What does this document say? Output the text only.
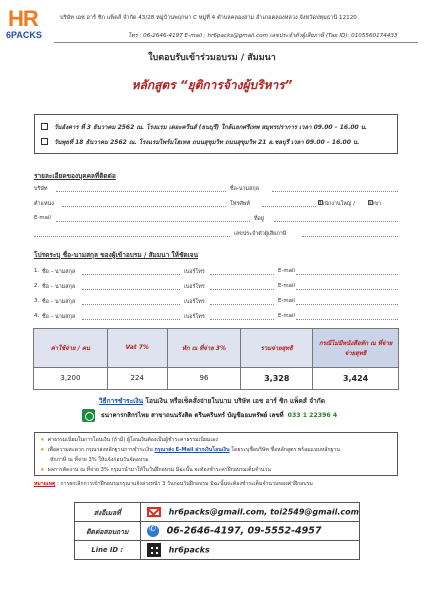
HR
6PACKS
บริษัท เอช อาร์ ซิก แพ็คส์ จำกัด 43/28 หมู่บ้านพฤกษา C หมู่ที่ 4 ตำบลคลองสาม อำเภอคลองหลวง จังหวัดปทุมธานี 12120
โทร : 06-2646-4197 E-mail : hr6packs@gmail.com เลขประจำตัวผู้เสียภาษี (Tax ID): 0105560174433
ใบตอบรับเข้าร่วมอบรม / สัมมนา
หลักสูตร “ยุติการจ้างผู้บริหาร”
วันอังคาร ที่ 3 ธันวาคม 2562 ณ. โรงแรม เดอะควีนส์ (ธนบุรี) ใกล้แยกศรีเทพ สมุทรปราการ เวลา 09.00 – 16.00 น.
วันพุธที่ 18 ธันวาคม 2562 ณ. โรงแรมไพร์มโฮเทล ถนนสุขุมวิท ถนนสุขุมวิท 21 อ.ชลบุรี เวลา 09.00 – 16.00 น.
รายละเอียดของบุคคลที่ติดต่อ
บริษัท	ชื่อ-นามสกุล
ตำแหน่ง	โทรศัพท์	สำนักงานใหญ่ / สาขา
E-mail	ที่อยู่
เลขประจำตัวผู้เสียภาษี
โปรดระบุ ชื่อ-นามสกุล ของผู้เข้าอบรม / สัมมนา ให้ชัดเจน
1. ชื่อ – นามสกุล	เบอร์โทร	E-mail
2. ชื่อ – นามสกุล	เบอร์โทร	E-mail
3. ชื่อ – นามสกุล	เบอร์โทร	E-mail
4. ชื่อ – นามสกุล	เบอร์โทร	E-mail
ค่าใช้จ่าย / คน	Vat 7%	หัก ณ ที่จ่าย 3%	รวมจ่ายสุทธิ	กรณีไม่มีหนังสือหัก ณ ที่จ่าย จ่ายสุทธิ
3,200	224	96	3,328	3,424
วิธีการชำระเงิน โอนเงิน หรือเช็คสั่งจ่ายในนาม บริษัท เอช อาร์ ซิก แพ็คส์ จำกัด
ธนาคารกสิกรไทย สาขาถนนรังสิต ตรีนครินทร์ บัญชีออมทรัพย์ เลขที่ 033 1 22396 4
★ ค่าธรรมเนียมในการโอนเงิน (ถ้ามี) ผู้โอนเงินต้องเป็นผู้ชำระค่าธรรมเนียมเอง
★ เพื่อความสะดวก กรุณาส่งหลักฐานการชำระเงิน กรุณาส่ง E-Mail ฝากเงินโอนเงิน โดยระบุชื่อบริษัท ชื่อหลักสูตร พร้อมแนบหลักฐาน
หักภาษี ณ ที่จ่าย 3% ให้แจ้งก่อนวันจัดอบรม
★ ผลการตัดงาน ณ ที่จ่าย 3% กรุณานำมาให้ในวันฝึกอบรม มิฉะนั้น จะต้องชำระค่าฝึกอบรมเต็มจำนวน
หมายเหตุ : การยกเลิกการเข้าฝึกอบรมกรุณาแจ้งล่วงหน้า 3 วันก่อนวันฝึกอบรม มิฉะนั้นจะต้องชำระเต็มจำนวนของค่าฝึกอบรม
ส่งอีเมลที่	hr6packs@gmail.com, toi2549@gmail.com
ติดต่อสอบถาม	✆06-2646-4197, 09-5552-4957
Line ID :	hr6packs
